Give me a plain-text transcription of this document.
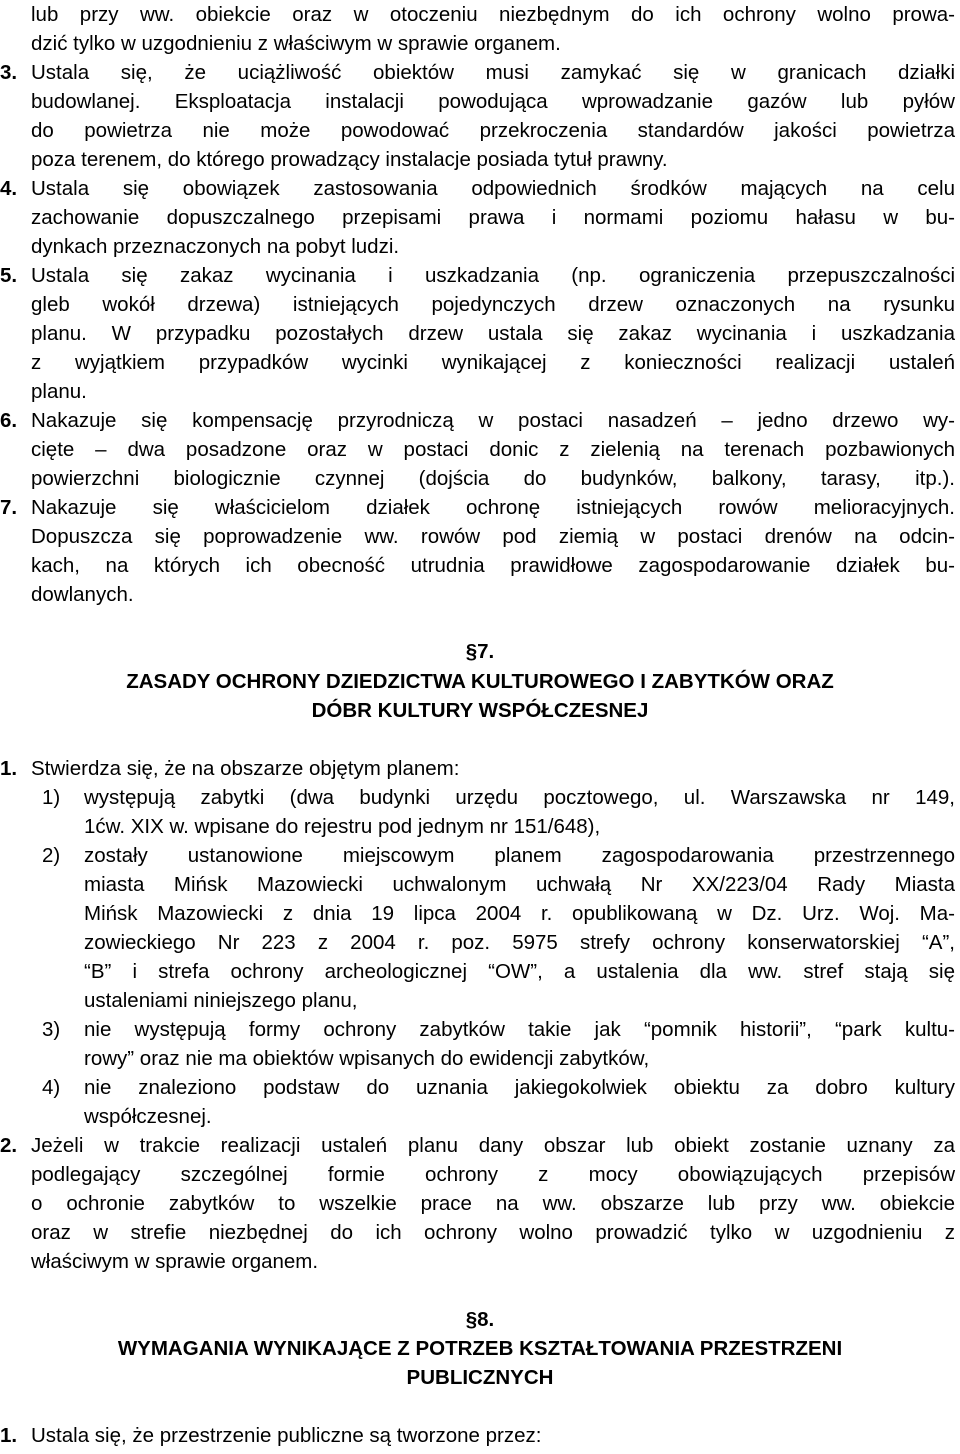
lub przy ww. obiekcie oraz w otoczeniu niezbędnym do ich ochrony wolno prowa-
dzić tylko w uzgodnieniu z właściwym w sprawie organem.
3. Ustala się, że uciążliwość obiektów musi zamykać się w granicach działki
budowlanej. Eksploatacja instalacji powodująca wprowadzanie gazów lub pyłów
do powietrza nie może powodować przekroczenia standardów jakości powietrza
poza terenem, do którego prowadzący instalacje posiada tytuł prawny.
4. Ustala się obowiązek zastosowania odpowiednich środków mających na celu
zachowanie dopuszczalnego przepisami prawa i normami poziomu hałasu w bu-
dynkach przeznaczonych na pobyt ludzi.
5. Ustala się zakaz wycinania i uszkadzania (np. ograniczenia przepuszczalności
gleb wokół drzewa) istniejących pojedynczych drzew oznaczonych na rysunku
planu. W przypadku pozostałych drzew ustala się zakaz wycinania i uszkadzania
z wyjątkiem przypadków wycinki wynikającej z konieczności realizacji ustaleń
planu.
6. Nakazuje się kompensację przyrodniczą w postaci nasadzeń – jedno drzewo wy-
cięte – dwa posadzone oraz w postaci donic z zielenią na terenach pozbawionych
powierzchni biologicznie czynnej (dojścia do budynków, balkony, tarasy, itp.).
7. Nakazuje się właścicielom działek ochronę istniejących rowów melioracyjnych.
Dopuszcza się poprowadzenie ww. rowów pod ziemią w postaci drenów na odcin-
kach, na których ich obecność utrudnia prawidłowe zagospodarowanie działek bu-
dowlanych.
§7.
ZASADY OCHRONY DZIEDZICTWA KULTUROWEGO I ZABYTKÓW ORAZ
DÓBR KULTURY WSPÓŁCZESNEJ
1. Stwierdza się, że na obszarze objętym planem:
1)	występują zabytki (dwa budynki urzędu pocztowego, ul. Warszawska nr 149,
1ćw. XIX w. wpisane do rejestru pod jednym nr 151/648),
2)	zostały ustanowione miejscowym planem zagospodarowania przestrzennego
miasta Mińsk Mazowiecki uchwalonym uchwałą Nr XX/223/04 Rady Miasta
Mińsk Mazowiecki z dnia 19 lipca 2004 r. opublikowaną w Dz. Urz. Woj. Ma-
zowieckiego Nr 223 z 2004 r. poz. 5975 strefy ochrony konserwatorskiej “A”,
“B” i strefa ochrony archeologicznej “OW”, a ustalenia dla ww. stref stają się
ustaleniami niniejszego planu,
3)	nie występują formy ochrony zabytków takie jak “pomnik historii”, “park kultu-
rowy” oraz nie ma obiektów wpisanych do ewidencji zabytków,
4)	nie znaleziono podstaw do uznania jakiegokolwiek obiektu za dobro kultury
współczesnej.
2. Jeżeli w trakcie realizacji ustaleń planu dany obszar lub obiekt zostanie uznany za
podlegający szczególnej formie ochrony z mocy obowiązujących przepisów
o ochronie zabytków to wszelkie prace na ww. obszarze lub przy ww. obiekcie
oraz w strefie niezbędnej do ich ochrony wolno prowadzić tylko w uzgodnieniu z
właściwym w sprawie organem.
§8.
WYMAGANIA WYNIKAJĄCE Z POTRZEB KSZTAŁTOWANIA PRZESTRZENI
PUBLICZNYCH
1. Ustala się, że przestrzenie publiczne są tworzone przez:
